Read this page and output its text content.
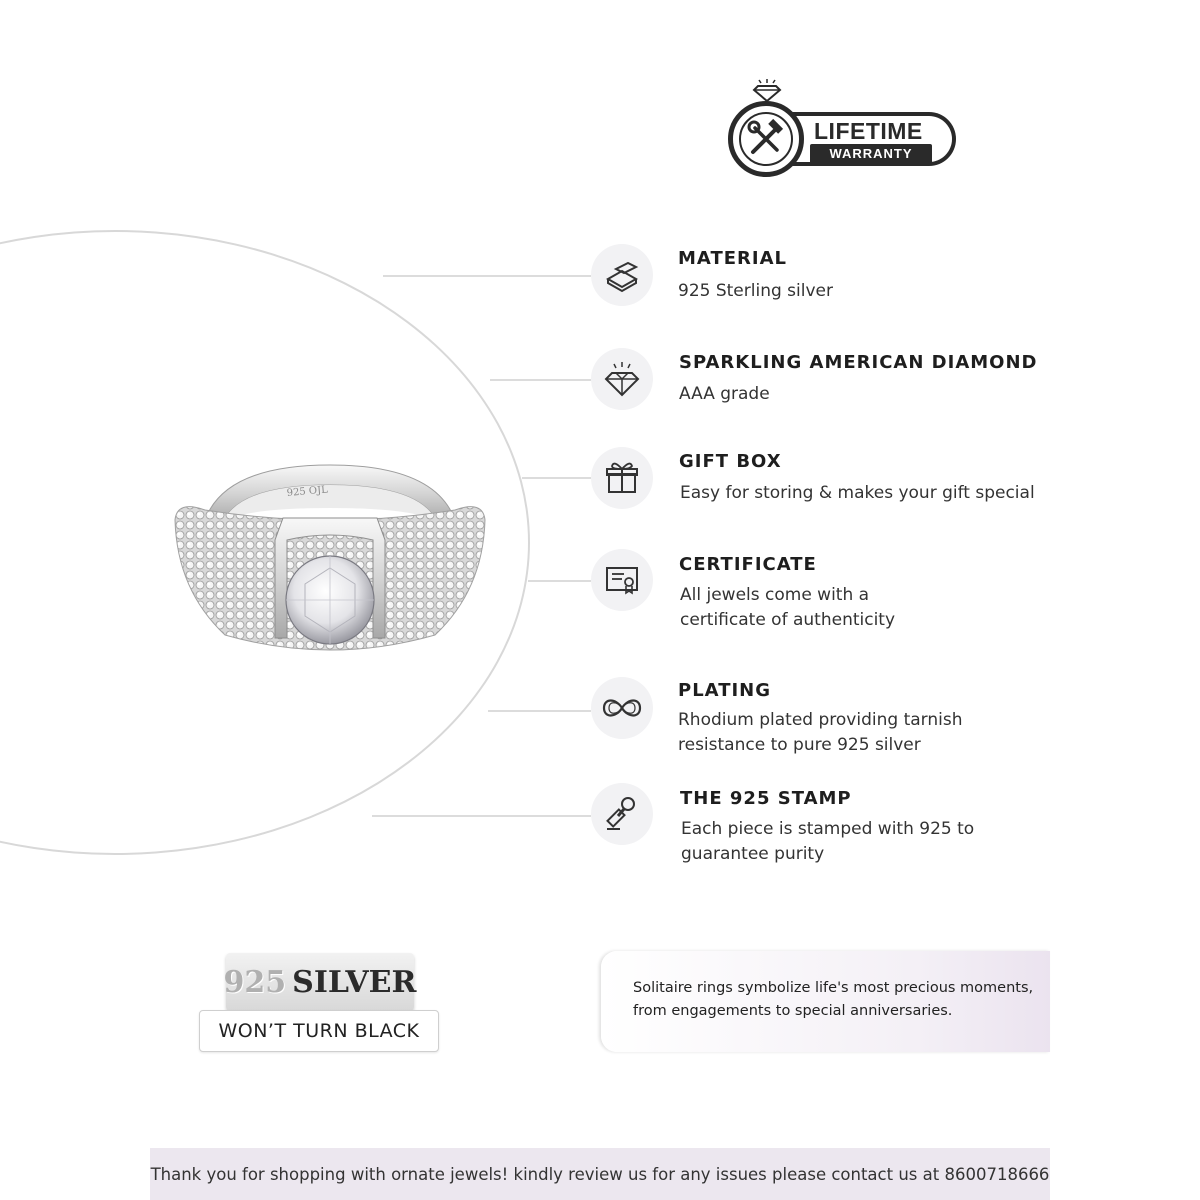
LIFETIME
WARRANTY
925 OJL
MATERIAL
925 Sterling silver
SPARKLING AMERICAN DIAMOND
AAA grade
GIFT BOX
Easy for storing & makes your gift special
CERTIFICATE
All jewels come with a
certificate of authenticity
PLATING
Rhodium plated providing tarnish
resistance to pure 925 silver
THE 925 STAMP
Each piece is stamped with 925 to
guarantee purity
925 SILVER
WON’T TURN BLACK
Solitaire rings symbolize life's most precious moments,
from engagements to special anniversaries.
Thank you for shopping with ornate jewels! kindly review us for any issues please contact us at 8600718666
